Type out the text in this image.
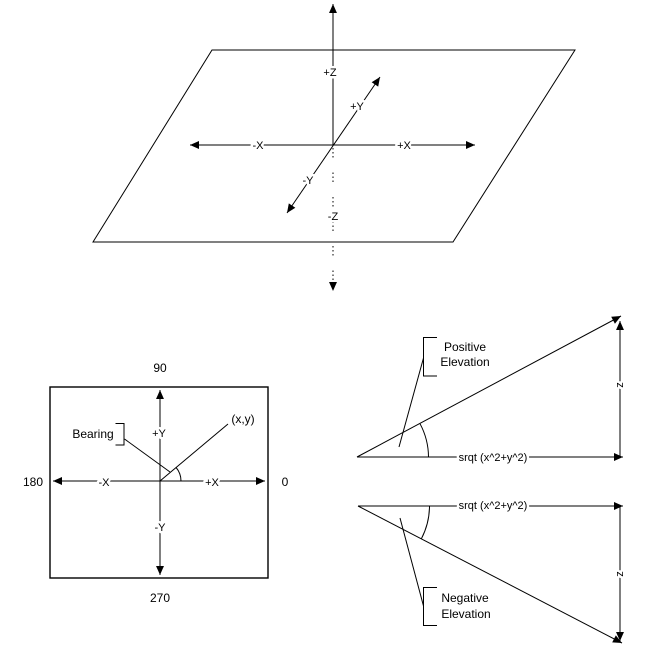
+Z
-Z
+Y
-Y
+X
-X
90
270
180	0
+Y
-Y
+X
-X
Bearing
(x,y)
Positive
Elevation
srqt (x^2+y^2)
z
Negative
Elevation
srqt (x^2+y^2)
z
